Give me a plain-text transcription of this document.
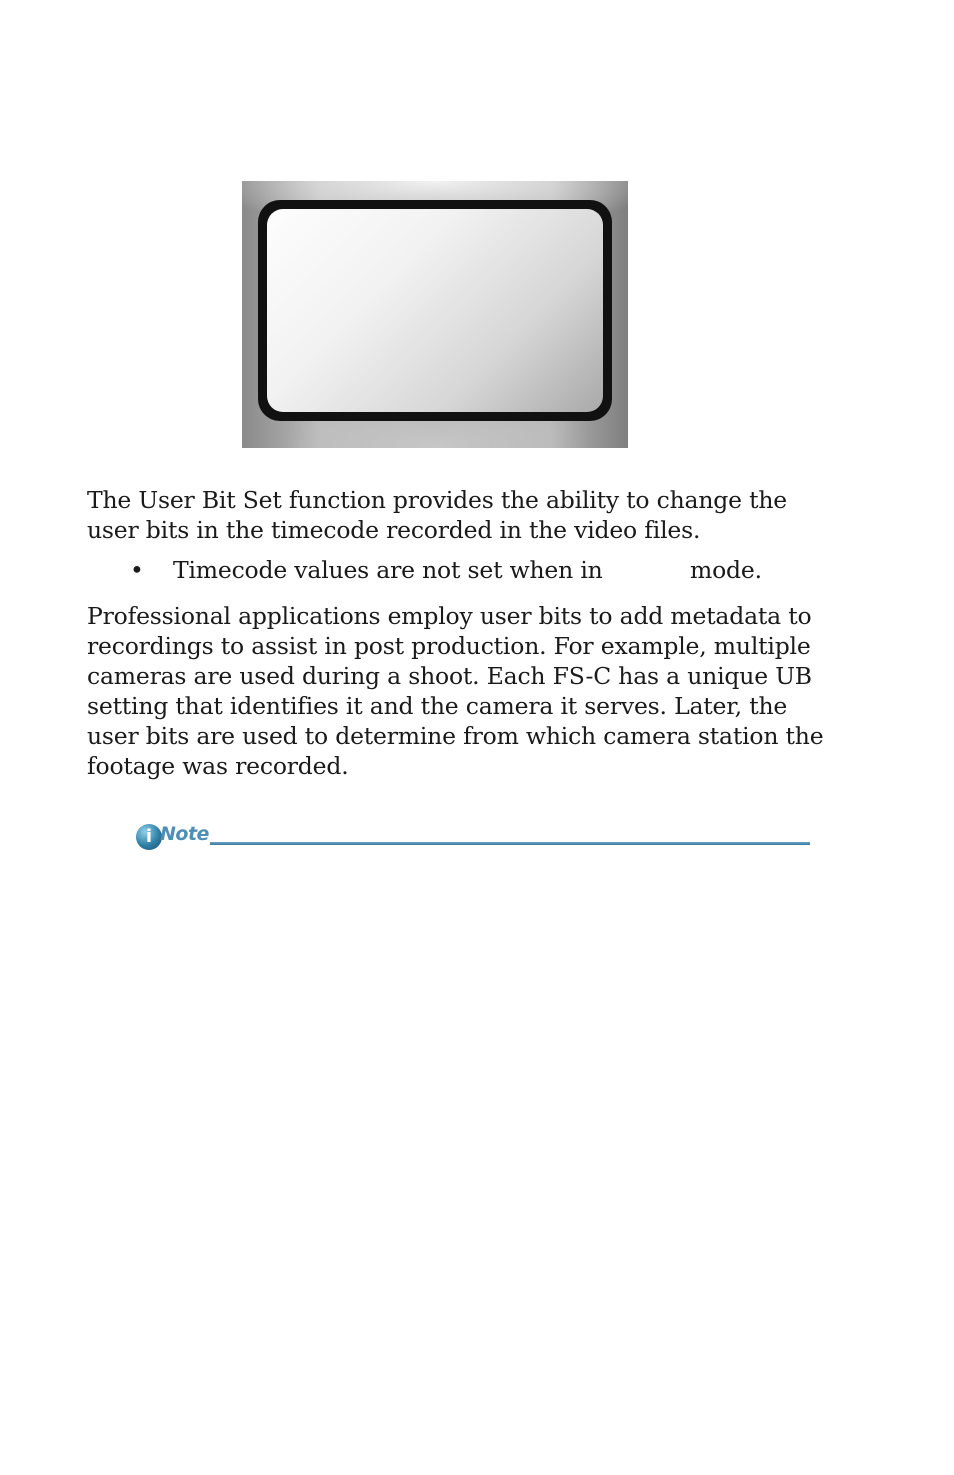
The User Bit Set function provides the ability to change the user bits in the timecode recorded in the video files.

• Timecode values are not set when in	mode.

Professional applications employ user bits to add metadata to recordings to assist in post production. For example, multiple cameras are used during a shoot. Each FS-C has a unique UB setting that identifies it and the camera it serves. Later, the user bits are used to determine from which camera station the footage was recorded.

i Note
